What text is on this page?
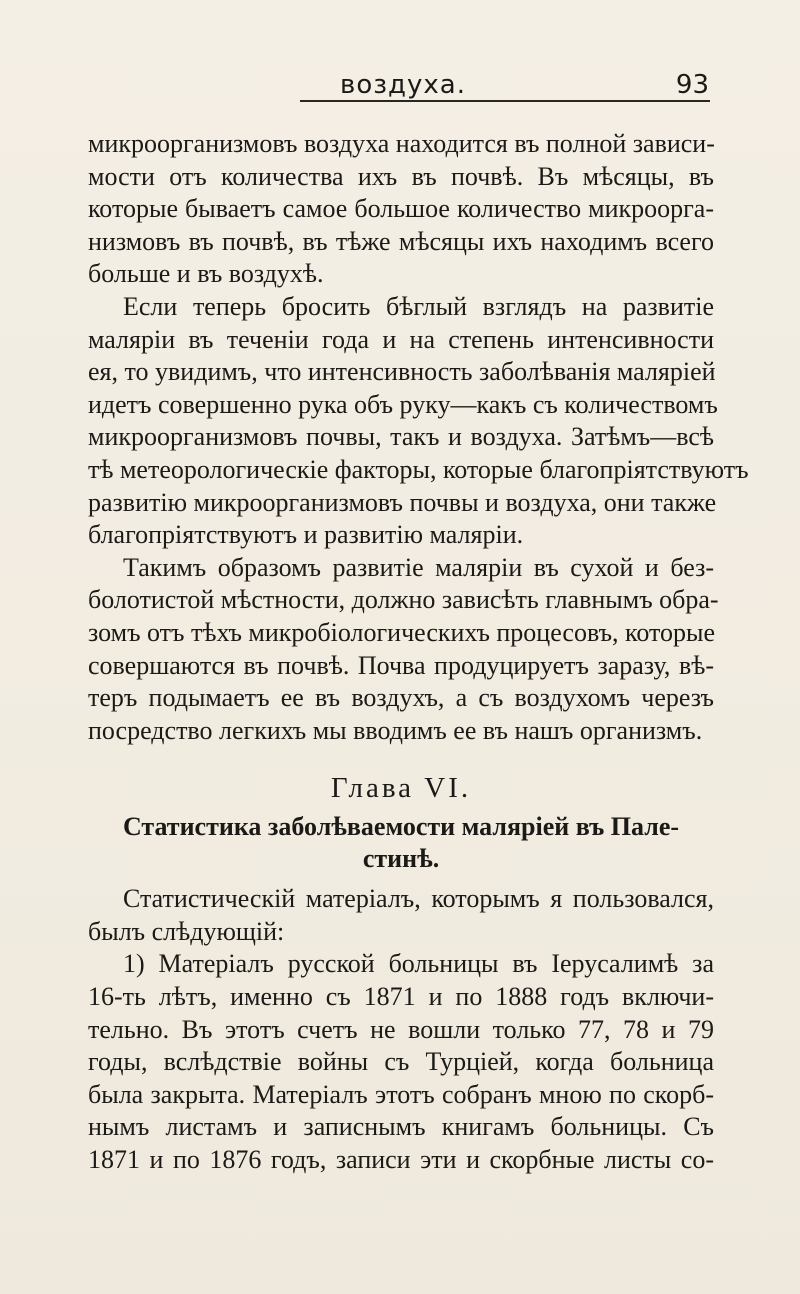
воздуха.	93
микроорганизмовъ воздуха находится въ полной зависи-
мости отъ количества ихъ въ почвѣ. Въ мѣсяцы, въ
которые бываетъ самое большое количество микроорга-
низмовъ въ почвѣ, въ тѣже мѣсяцы ихъ находимъ всего
больше и въ воздухѣ.
Если теперь бросить бѣглый взглядъ на развитіе
маляріи въ теченіи года и на степень интенсивности
ея, то увидимъ, что интенсивность заболѣванія маляріей
идетъ совершенно рука объ руку—какъ съ количествомъ
микроорганизмовъ почвы, такъ и воздуха. Затѣмъ—всѣ
тѣ метеорологическіе факторы, которые благопріятствуютъ
развитію микроорганизмовъ почвы и воздуха, они также
благопріятствуютъ и развитію маляріи.
Такимъ образомъ развитіе маляріи въ сухой и без-
болотистой мѣстности, должно зависѣть главнымъ обра-
зомъ отъ тѣхъ микробіологическихъ процесовъ, которые
совершаются въ почвѣ. Почва продуцируетъ заразу, вѣ-
теръ подымаетъ ее въ воздухъ, а съ воздухомъ черезъ
посредство легкихъ мы вводимъ ее въ нашъ организмъ.
Глава VI.
Статистика заболѣваемости маляріей въ Пале-
стинѣ.
Статистическій матеріалъ, которымъ я пользовался,
былъ слѣдующій:
1) Матеріалъ русской больницы въ Іерусалимѣ за
16-ть лѣтъ, именно съ 1871 и по 1888 годъ включи-
тельно. Въ этотъ счетъ не вошли только 77, 78 и 79
годы, вслѣдствіе войны съ Турціей, когда больница
была закрыта. Матеріалъ этотъ собранъ мною по скорб-
нымъ листамъ и записнымъ книгамъ больницы. Съ
1871 и по 1876 годъ, записи эти и скорбные листы со-
